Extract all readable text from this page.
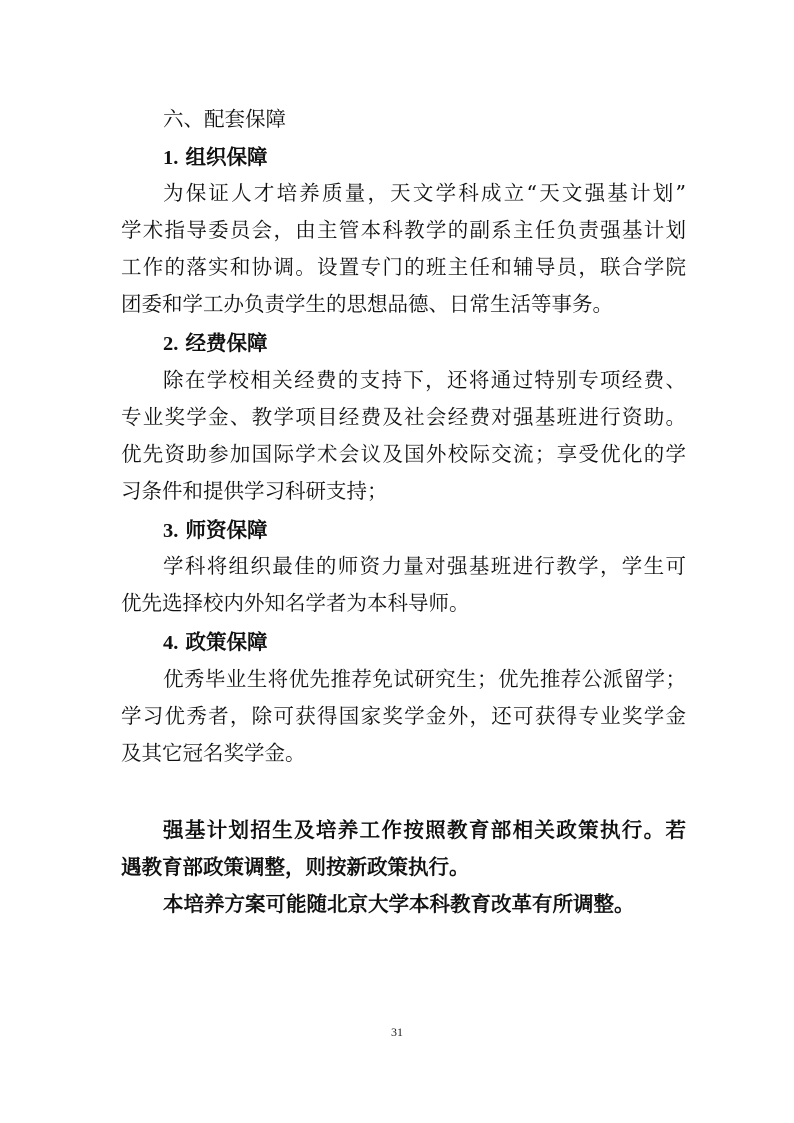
六、配套保障
1. 组织保障
为保证人才培养质量，天文学科成立“天文强基计划”
学术指导委员会，由主管本科教学的副系主任负责强基计划
工作的落实和协调。设置专门的班主任和辅导员，联合学院
团委和学工办负责学生的思想品德、日常生活等事务。
2. 经费保障
除在学校相关经费的支持下，还将通过特别专项经费、
专业奖学金、教学项目经费及社会经费对强基班进行资助。
优先资助参加国际学术会议及国外校际交流；享受优化的学
习条件和提供学习科研支持；
3. 师资保障
学科将组织最佳的师资力量对强基班进行教学，学生可
优先选择校内外知名学者为本科导师。
4. 政策保障
优秀毕业生将优先推荐免试研究生；优先推荐公派留学；
学习优秀者，除可获得国家奖学金外，还可获得专业奖学金
及其它冠名奖学金。
强基计划招生及培养工作按照教育部相关政策执行。若
遇教育部政策调整，则按新政策执行。
本培养方案可能随北京大学本科教育改革有所调整。
31
